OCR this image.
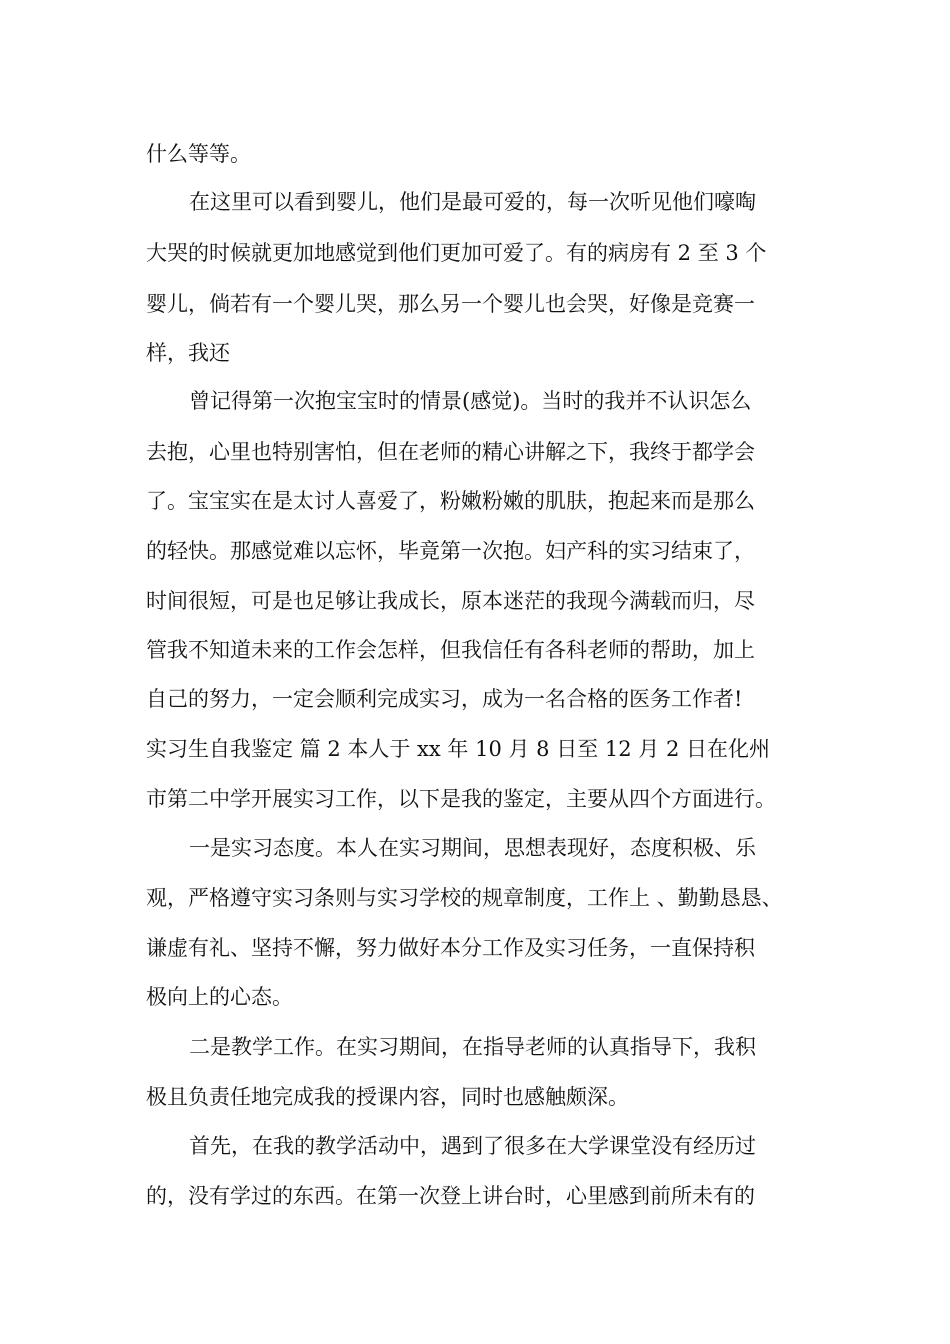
什么等等。
在这里可以看到婴儿，他们是最可爱的，每一次听见他们嚎啕
大哭的时候就更加地感觉到他们更加可爱了。有的病房有 2 至 3 个
婴儿，倘若有一个婴儿哭，那么另一个婴儿也会哭，好像是竞赛一
样，我还
曾记得第一次抱宝宝时的情景(感觉)。当时的我并不认识怎么
去抱，心里也特别害怕，但在老师的精心讲解之下，我终于都学会
了。宝宝实在是太讨人喜爱了，粉嫩粉嫩的肌肤，抱起来而是那么
的轻快。那感觉难以忘怀，毕竟第一次抱。妇产科的实习结束了，
时间很短，可是也足够让我成长，原本迷茫的我现今满载而归，尽
管我不知道未来的工作会怎样，但我信任有各科老师的帮助，加上
自己的努力，一定会顺利完成实习，成为一名合格的医务工作者!
实习生自我鉴定 篇 2 本人于 xx 年 10 月 8 日至 12 月 2 日在化州
市第二中学开展实习工作，以下是我的鉴定，主要从四个方面进行。
一是实习态度。本人在实习期间，思想表现好，态度积极、乐
观，严格遵守实习条则与实习学校的规章制度，工作上 、勤勤恳恳、
谦虚有礼、坚持不懈，努力做好本分工作及实习任务，一直保持积
极向上的心态。
二是教学工作。在实习期间，在指导老师的认真指导下，我积
极且负责任地完成我的授课内容，同时也感触颇深。
首先，在我的教学活动中，遇到了很多在大学课堂没有经历过
的，没有学过的东西。在第一次登上讲台时，心里感到前所未有的
